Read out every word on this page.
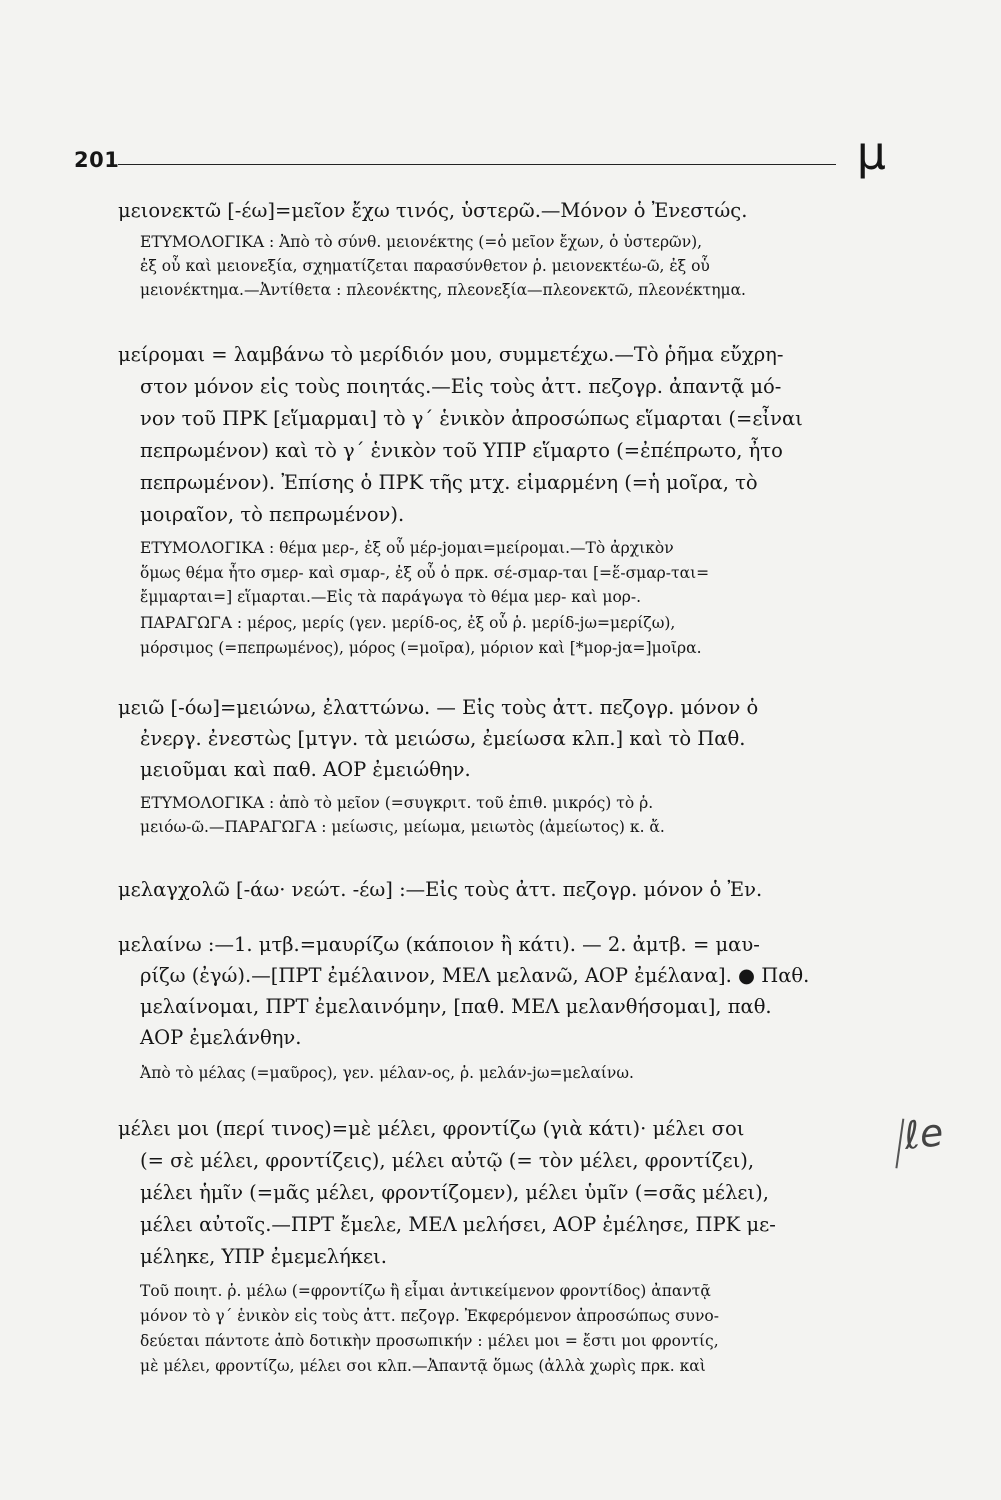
201	μ
μειονεκτῶ [-έω]=μεῖον ἔχω τινός, ὑστερῶ.—Μόνον ὁ Ἐνεστώς.
ΕΤΥΜΟΛΟΓΙΚΑ : Ἀπὸ τὸ σύνθ. μειονέκτης (=ὁ μεῖον ἔχων, ὁ ὑστερῶν),
ἐξ οὗ καὶ μειονεξία, σχηματίζεται παρασύνθετον ῥ. μειονεκτέω-ῶ, ἐξ οὗ
μειονέκτημα.—Ἀντίθετα : πλεονέκτης, πλεονεξία—πλεονεκτῶ, πλεονέκτημα.
μείρομαι = λαμβάνω τὸ μερίδιόν μου, συμμετέχω.—Τὸ ῥῆμα εὔχρη-
στον μόνον εἰς τοὺς ποιητάς.—Εἰς τοὺς ἀττ. πεζογρ. ἀπαντᾷ μό-
νον τοῦ ΠΡΚ [εἵμαρμαι] τὸ γ΄ ἑνικὸν ἀπροσώπως εἵμαρται (=εἶναι
πεπρωμένον) καὶ τὸ γ΄ ἑνικὸν τοῦ ΥΠΡ εἵμαρτο (=ἐπέπρωτο, ἦτο
πεπρωμένον). Ἐπίσης ὁ ΠΡΚ τῆς μτχ. εἱμαρμένη (=ἡ μοῖρα, τὸ
μοιραῖον, τὸ πεπρωμένον).
ΕΤΥΜΟΛΟΓΙΚΑ : θέμα μερ-, ἐξ οὗ μέρ-jομαι=μείρομαι.—Τὸ ἀρχικὸν
ὅμως θέμα ἦτο σμερ- καὶ σμαρ-, ἐξ οὗ ὁ πρκ. σέ-σμαρ-ται [=ἕ-σμαρ-ται=
ἔμμαρται=] εἵμαρται.—Εἰς τὰ παράγωγα τὸ θέμα μερ- καὶ μορ-.
ΠΑΡΑΓΩΓΑ : μέρος, μερίς (γεν. μερίδ-ος, ἐξ οὗ ῥ. μερίδ-jω=μερίζω),
μόρσιμος (=πεπρωμένος), μόρος (=μοῖρα), μόριον καὶ [*μορ-jα=]μοῖρα.
μειῶ [-όω]=μειώνω, ἐλαττώνω. — Εἰς τοὺς ἀττ. πεζογρ. μόνον ὁ
ἐνεργ. ἐνεστὼς [μτγν. τὰ μειώσω, ἐμείωσα κλπ.] καὶ τὸ Παθ.
μειοῦμαι καὶ παθ. ΑΟΡ ἐμειώθην.
ΕΤΥΜΟΛΟΓΙΚΑ : ἀπὸ τὸ μεῖον (=συγκριτ. τοῦ ἐπιθ. μικρός) τὸ ῥ.
μειόω-ῶ.—ΠΑΡΑΓΩΓΑ : μείωσις, μείωμα, μειωτὸς (ἀμείωτος) κ. ἄ.
μελαγχολῶ [-άω· νεώτ. -έω] :—Εἰς τοὺς ἀττ. πεζογρ. μόνον ὁ Ἐν.
μελαίνω :—1. μτβ.=μαυρίζω (κάποιον ἢ κάτι). — 2. ἀμτβ. = μαυ-
ρίζω (ἐγώ).—[ΠΡΤ ἐμέλαινον, ΜΕΛ μελανῶ, ΑΟΡ ἐμέλανα]. ● Παθ.
μελαίνομαι, ΠΡΤ ἐμελαινόμην, [παθ. ΜΕΛ μελανθήσομαι], παθ.
ΑΟΡ ἐμελάνθην.
Ἀπὸ τὸ μέλας (=μαῦρος), γεν. μέλαν-ος, ῥ. μελάν-jω=μελαίνω.
μέλει μοι (περί τινος)=μὲ μέλει, φροντίζω (γιὰ κάτι)· μέλει σοι
(= σὲ μέλει, φροντίζεις), μέλει αὐτῷ (= τὸν μέλει, φροντίζει),
μέλει ἡμῖν (=μᾶς μέλει, φροντίζομεν), μέλει ὑμῖν (=σᾶς μέλει),
μέλει αὐτοῖς.—ΠΡΤ ἔμελε, ΜΕΛ μελήσει, ΑΟΡ ἐμέλησε, ΠΡΚ με-
μέληκε, ΥΠΡ ἐμεμελήκει.
Τοῦ ποιητ. ῥ. μέλω (=φροντίζω ἢ εἶμαι ἀντικείμενον φροντίδος) ἀπαντᾷ
μόνον τὸ γ΄ ἑνικὸν εἰς τοὺς ἀττ. πεζογρ. Ἐκφερόμενον ἀπροσώπως συνο-
δεύεται πάντοτε ἀπὸ δοτικὴν προσωπικήν : μέλει μοι = ἔστι μοι φροντίς,
μὲ μέλει, φροντίζω, μέλει σοι κλπ.—Ἀπαντᾷ ὅμως (ἀλλὰ χωρὶς πρκ. καὶ
ℓe
